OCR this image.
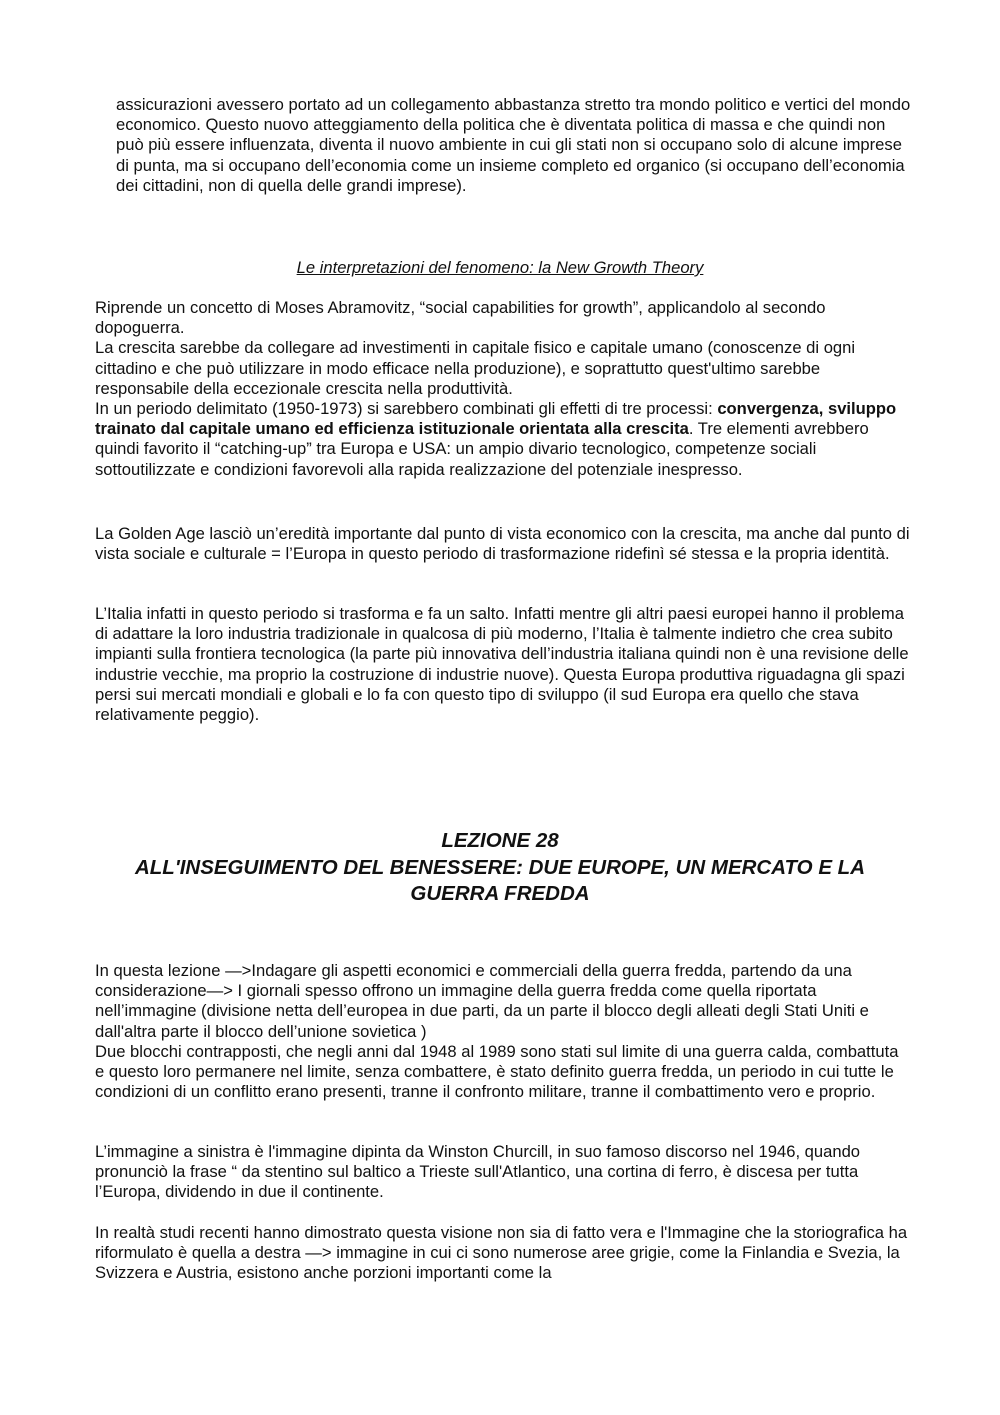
assicurazioni avessero portato ad un collegamento abbastanza stretto tra mondo politico e vertici del mondo economico. Questo nuovo atteggiamento della politica che è diventata politica di massa e che quindi non può più essere influenzata, diventa il nuovo ambiente in cui gli stati non si occupano solo di alcune imprese di punta, ma si occupano dell’economia come un insieme completo ed organico (si occupano dell’economia dei cittadini, non di quella delle grandi imprese).

Le interpretazioni del fenomeno: la New Growth Theory

Riprende un concetto di Moses Abramovitz, “social capabilities for growth”, applicandolo al secondo dopoguerra.

La crescita sarebbe da collegare ad investimenti in capitale fisico e capitale umano (conoscenze di ogni cittadino e che può utilizzare in modo efficace nella produzione), e soprattutto quest'ultimo sarebbe responsabile della eccezionale crescita nella produttività.

In un periodo delimitato (1950-1973) si sarebbero combinati gli effetti di tre processi: convergenza, sviluppo trainato dal capitale umano ed efficienza istituzionale orientata alla crescita. Tre elementi avrebbero quindi favorito il “catching-up” tra Europa e USA: un ampio divario tecnologico, competenze sociali sottoutilizzate e condizioni favorevoli alla rapida realizzazione del potenziale inespresso.

La Golden Age lasciò un’eredità importante dal punto di vista economico con la crescita, ma anche dal punto di vista sociale e culturale = l’Europa in questo periodo di trasformazione ridefinì sé stessa e la propria identità.

L’Italia infatti in questo periodo si trasforma e fa un salto. Infatti mentre gli altri paesi europei hanno il problema di adattare la loro industria tradizionale in qualcosa di più moderno, l’Italia è talmente indietro che crea subito impianti sulla frontiera tecnologica (la parte più innovativa dell’industria italiana quindi non è una revisione delle industrie vecchie, ma proprio la costruzione di industrie nuove). Questa Europa produttiva riguadagna gli spazi persi sui mercati mondiali e globali e lo fa con questo tipo di sviluppo (il sud Europa era quello che stava relativamente peggio).

LEZIONE 28
ALL'INSEGUIMENTO DEL BENESSERE: DUE EUROPE, UN MERCATO E LA
GUERRA FREDDA

In questa lezione —>Indagare gli aspetti economici e commerciali della guerra fredda, partendo da una considerazione—> I giornali spesso offrono un immagine della guerra fredda come quella riportata nell’immagine (divisione netta dell’europea in due parti, da un parte il blocco degli alleati degli Stati Uniti e dall'altra parte il blocco dell’unione sovietica )

Due blocchi contrapposti, che negli anni dal 1948 al 1989 sono stati sul limite di una guerra calda, combattuta e questo loro permanere nel limite, senza combattere, è stato definito guerra fredda, un periodo in cui tutte le condizioni di un conflitto erano presenti, tranne il confronto militare, tranne il combattimento vero e proprio.

L’immagine a sinistra è l'immagine dipinta da Winston Churcill, in suo famoso discorso nel 1946, quando pronunciò la frase “ da stentino sul baltico a Trieste sull'Atlantico, una cortina di ferro, è discesa per tutta l’Europa, dividendo in due il continente.

In realtà studi recenti hanno dimostrato questa visione non sia di fatto vera e l'Immagine che la storiografica ha riformulato è quella a destra —> immagine in cui ci sono numerose aree grigie, come la Finlandia e Svezia, la Svizzera e Austria, esistono anche porzioni importanti come la
